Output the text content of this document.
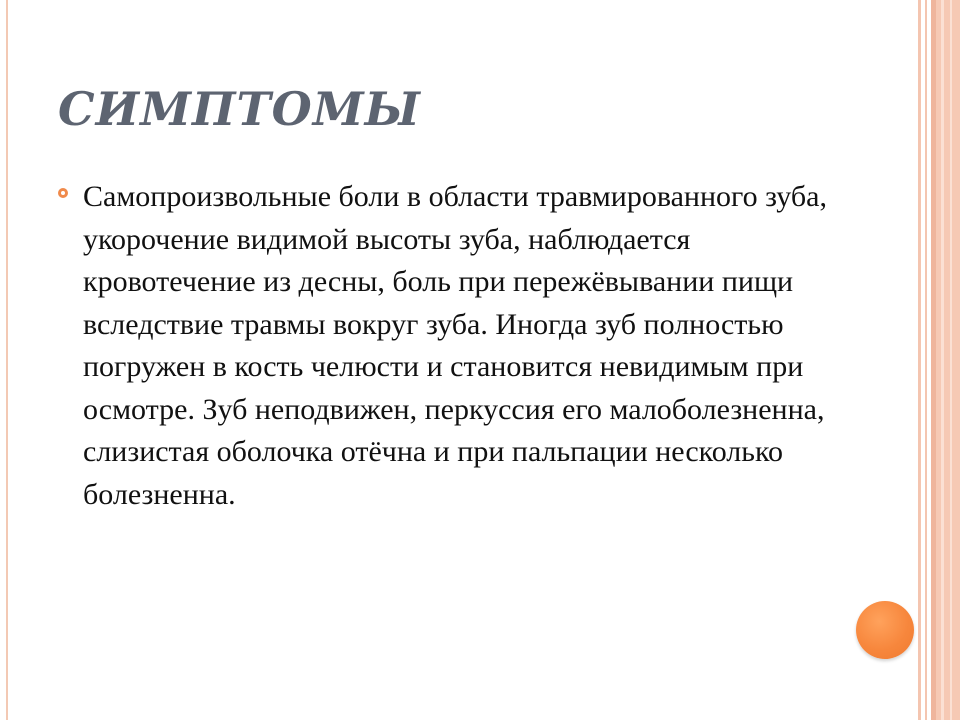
СИМПТОМЫ

Самопроизвольные боли в области травмированного зуба, укорочение видимой высоты зуба, наблюдается кровотечение из десны, боль при пережёвывании пищи вследствие травмы вокруг зуба. Иногда зуб полностью погружен в кость челюсти и становится невидимым при осмотре. Зуб неподвижен, перкуссия его малоболезненна, слизистая оболочка отёчна и при пальпации несколько болезненна.
